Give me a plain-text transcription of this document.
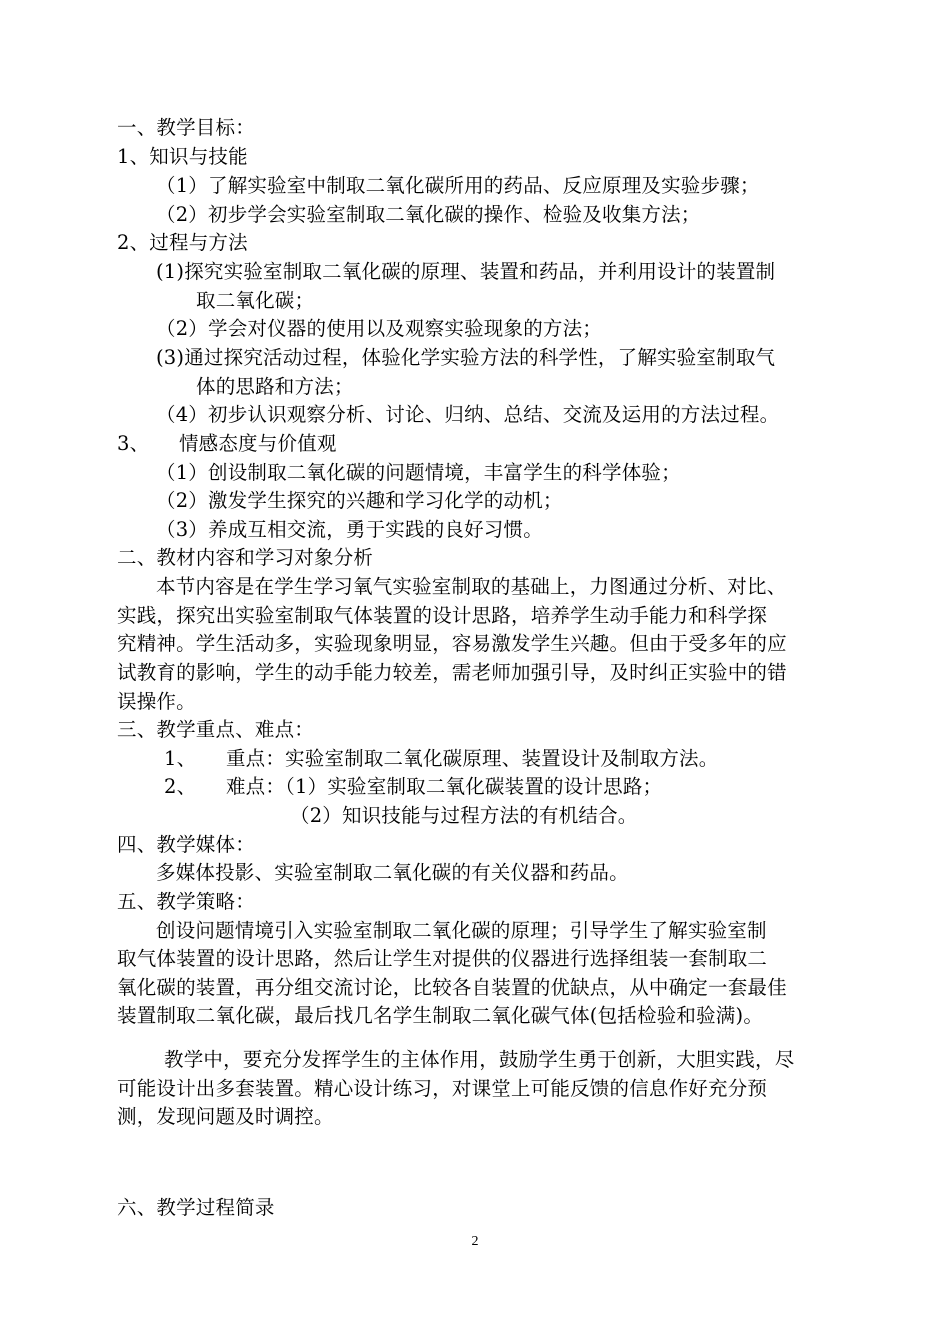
一、教学目标：
1、知识与技能
（1）了解实验室中制取二氧化碳所用的药品、反应原理及实验步骤；
（2）初步学会实验室制取二氧化碳的操作、检验及收集方法；
2、过程与方法
(1)探究实验室制取二氧化碳的原理、装置和药品，并利用设计的装置制
取二氧化碳；
（2）学会对仪器的使用以及观察实验现象的方法；
(3)通过探究活动过程，体验化学实验方法的科学性，了解实验室制取气
体的思路和方法；
（4）初步认识观察分析、讨论、归纳、总结、交流及运用的方法过程。
3、　　情感态度与价值观
（1）创设制取二氧化碳的问题情境，丰富学生的科学体验；
（2）激发学生探究的兴趣和学习化学的动机；
（3）养成互相交流，勇于实践的良好习惯。
二、教材内容和学习对象分析
本节内容是在学生学习氧气实验室制取的基础上，力图通过分析、对比、
实践，探究出实验室制取气体装置的设计思路，培养学生动手能力和科学探
究精神。学生活动多，实验现象明显，容易激发学生兴趣。但由于受多年的应
试教育的影响，学生的动手能力较差，需老师加强引导，及时纠正实验中的错
误操作。
三、教学重点、难点：
1、　　重点：实验室制取二氧化碳原理、装置设计及制取方法。
2、　　难点：（1）实验室制取二氧化碳装置的设计思路；
（2）知识技能与过程方法的有机结合。
四、教学媒体：
多媒体投影、实验室制取二氧化碳的有关仪器和药品。
五、教学策略：
创设问题情境引入实验室制取二氧化碳的原理；引导学生了解实验室制
取气体装置的设计思路，然后让学生对提供的仪器进行选择组装一套制取二
氧化碳的装置，再分组交流讨论，比较各自装置的优缺点，从中确定一套最佳
装置制取二氧化碳，最后找几名学生制取二氧化碳气体(包括检验和验满)。
教学中，要充分发挥学生的主体作用，鼓励学生勇于创新，大胆实践，尽
可能设计出多套装置。精心设计练习，对课堂上可能反馈的信息作好充分预
测，发现问题及时调控。
六、教学过程简录
2
